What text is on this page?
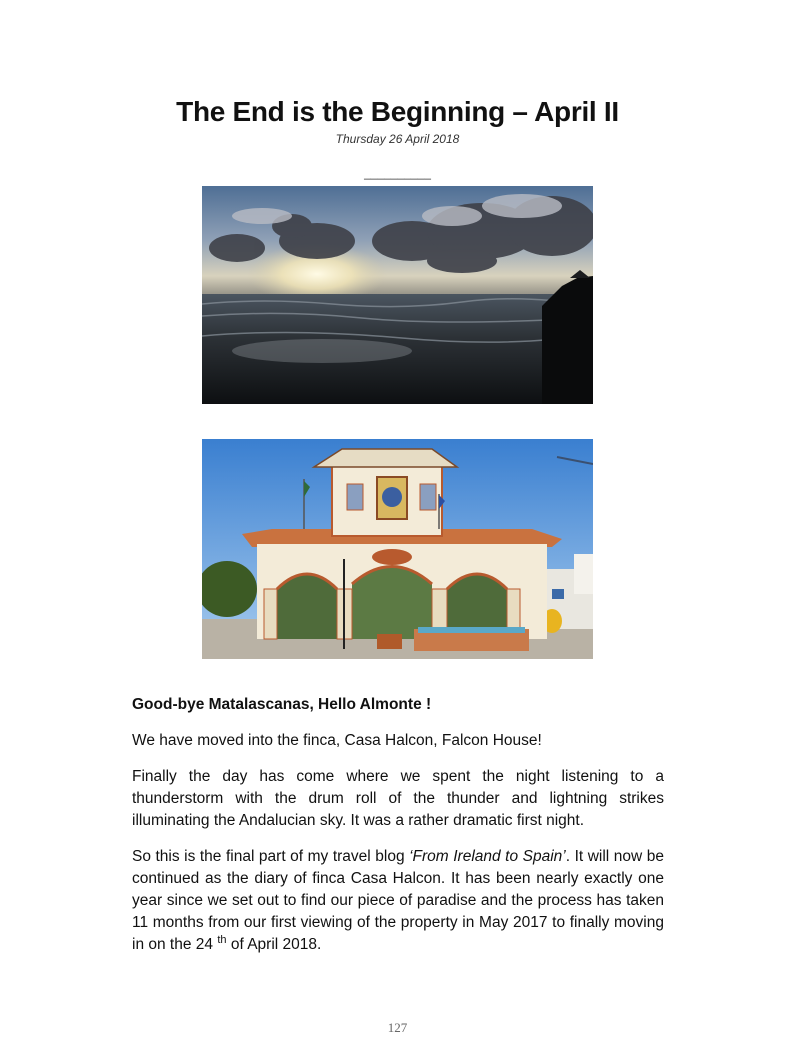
The End is the Beginning – April II
Thursday 26 April 2018
__________
Good-bye Matalascanas, Hello Almonte !
We have moved into the finca, Casa Halcon, Falcon House!
Finally the day has come where we spent the night listening to a thunderstorm with the drum roll of the thunder and lightning strikes illuminating the Andalucian sky. It was a rather dramatic first night.
So this is the final part of my travel blog ‘From Ireland to Spain’. It will now be continued as the diary of finca Casa Halcon. It has been nearly exactly one year since we set out to find our piece of paradise and the process has taken 11 months from our first viewing of the property in May 2017 to finally moving in on the 24 $^{th}$ of April 2018.
127
